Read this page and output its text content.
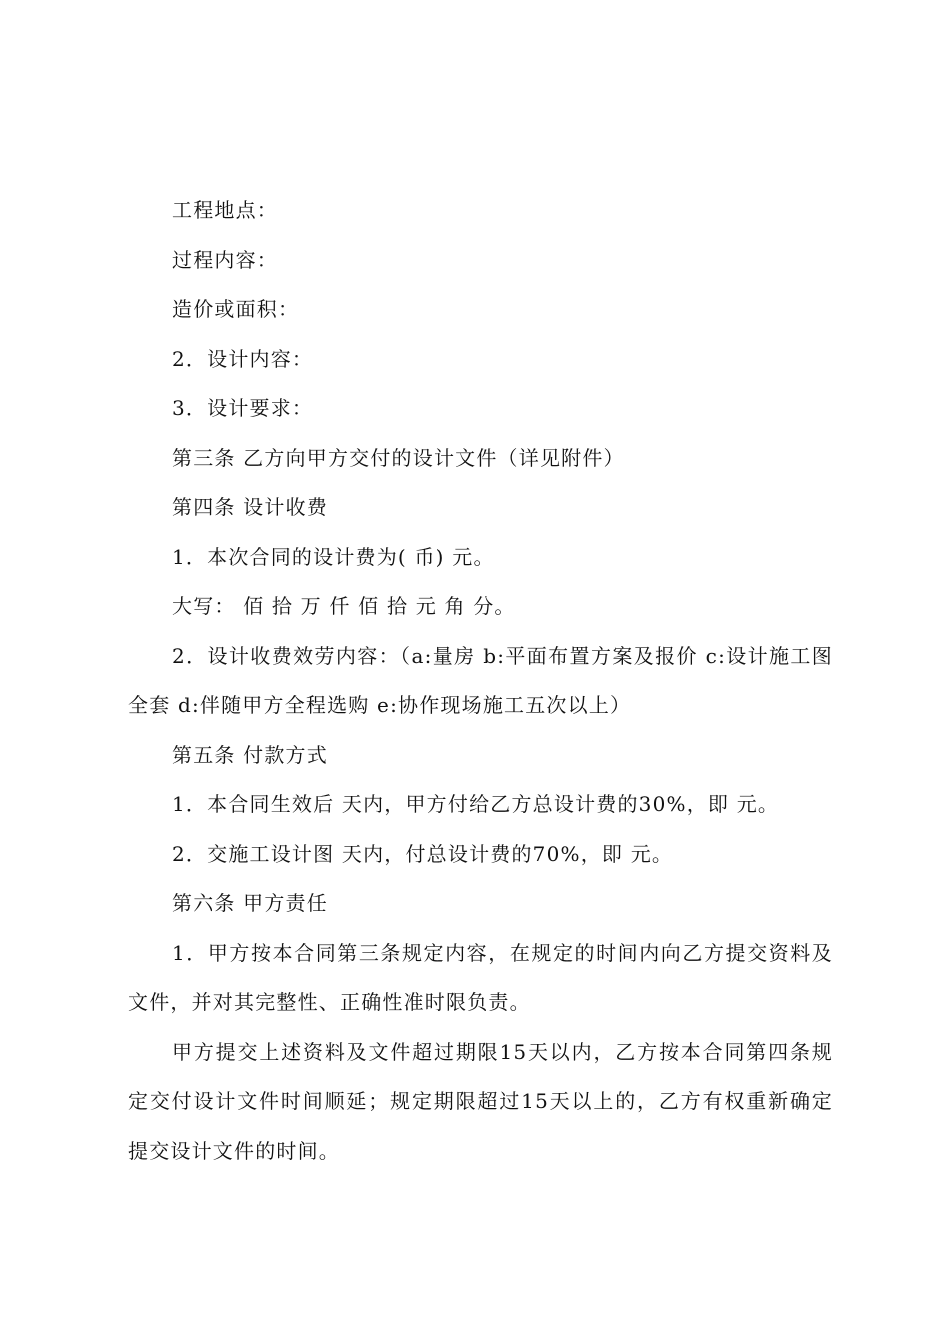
工程地点：

过程内容：

造价或面积：

2．设计内容：

3．设计要求：

第三条 乙方向甲方交付的设计文件（详见附件）

第四条 设计收费

1．本次合同的设计费为( 币) 元。

大写： 佰 拾 万 仟 佰 拾 元 角 分。

2．设计收费效劳内容：（a:量房 b:平面布置方案及报价 c:设计施工图全套 d:伴随甲方全程选购 e:协作现场施工五次以上）

第五条 付款方式

1．本合同生效后 天内，甲方付给乙方总设计费的30%，即 元。

2．交施工设计图 天内，付总设计费的70%，即 元。

第六条 甲方责任

1．甲方按本合同第三条规定内容，在规定的时间内向乙方提交资料及文件，并对其完整性、正确性准时限负责。

甲方提交上述资料及文件超过期限15天以内，乙方按本合同第四条规定交付设计文件时间顺延；规定期限超过15天以上的，乙方有权重新确定提交设计文件的时间。
